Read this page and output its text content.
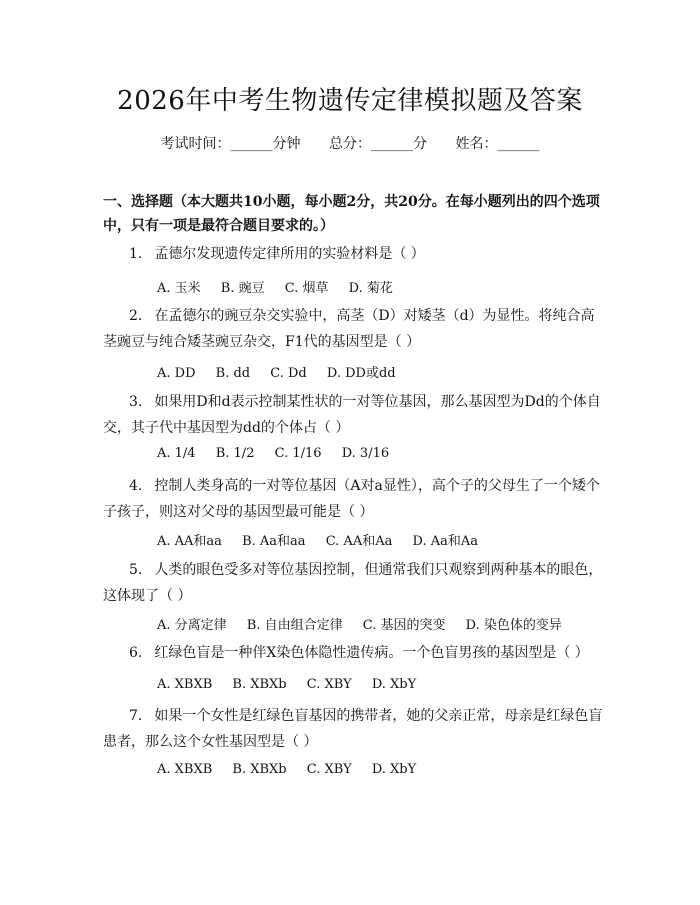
2026年中考生物遗传定律模拟题及答案
考试时间：______分钟 总分：______分 姓名：______
一、选择题（本大题共10小题，每小题2分，共20分。在每小题列出的四个选项中，只有一项是最符合题目要求的。）
1. 孟德尔发现遗传定律所用的实验材料是（ ）
A. 玉米 B. 豌豆 C. 烟草 D. 菊花
2. 在孟德尔的豌豆杂交实验中，高茎（D）对矮茎（d）为显性。将纯合高茎豌豆与纯合矮茎豌豆杂交，F1代的基因型是（ ）
A. DD B. dd C. Dd D. DD或dd
3. 如果用D和d表示控制某性状的一对等位基因，那么基因型为Dd的个体自交，其子代中基因型为dd的个体占（ ）
A. 1/4 B. 1/2 C. 1/16 D. 3/16
4. 控制人类身高的一对等位基因（A对a显性），高个子的父母生了一个矮个子孩子，则这对父母的基因型最可能是（ ）
A. AA和aa B. Aa和aa C. AA和Aa D. Aa和Aa
5. 人类的眼色受多对等位基因控制，但通常我们只观察到两种基本的眼色，这体现了（ ）
A. 分离定律 B. 自由组合定律 C. 基因的突变 D. 染色体的变异
6. 红绿色盲是一种伴X染色体隐性遗传病。一个色盲男孩的基因型是（ ）
A. XBXB B. XBXb C. XBY D. XbY
7. 如果一个女性是红绿色盲基因的携带者，她的父亲正常，母亲是红绿色盲患者，那么这个女性基因型是（ ）
A. XBXB B. XBXb C. XBY D. XbY
